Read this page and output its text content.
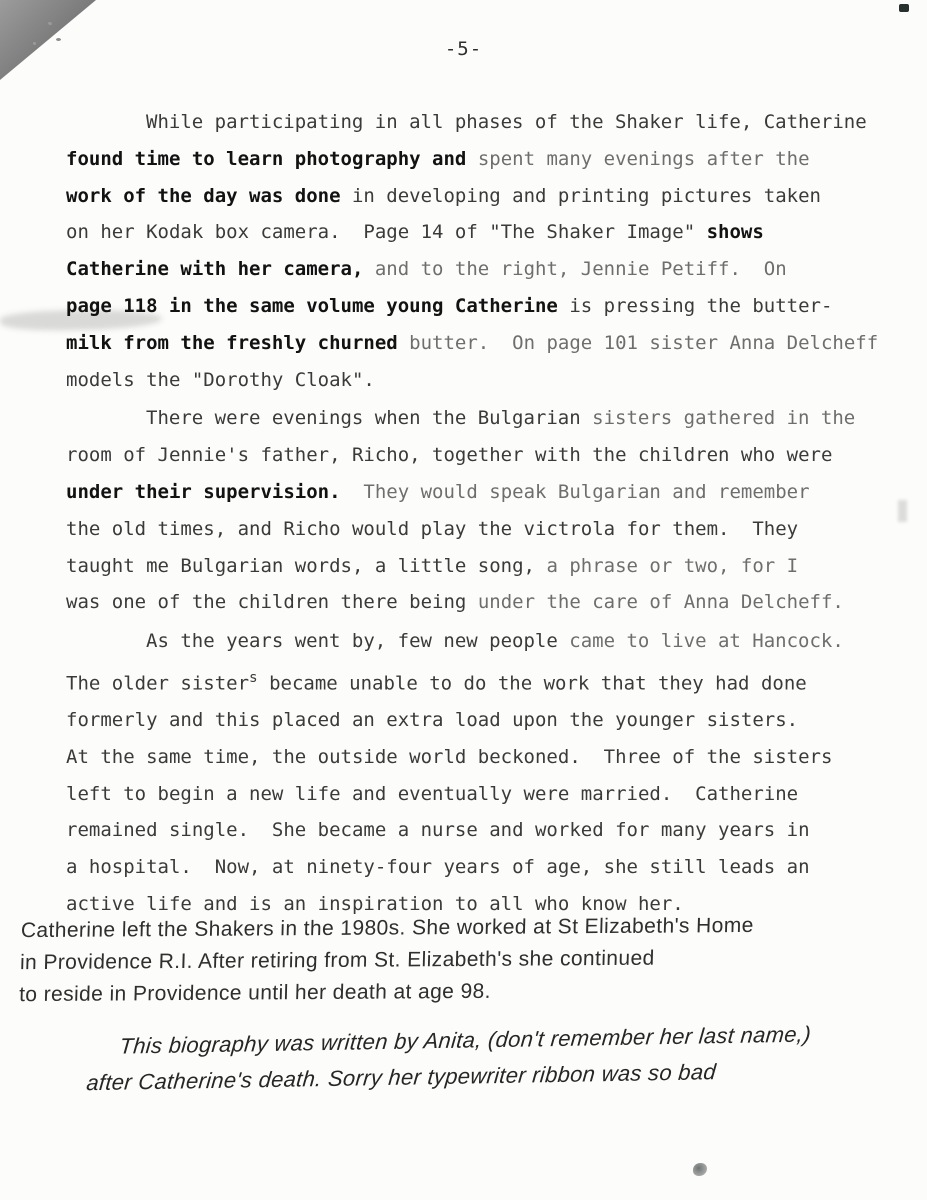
-5-
While participating in all phases of the Shaker life, Catherine
found time to learn photography and spent many evenings after the
work of the day was done in developing and printing pictures taken
on her Kodak box camera.  Page 14 of "The Shaker Image" shows
Catherine with her camera, and to the right, Jennie Petiff.  On
page 118 in the same volume young Catherine is pressing the butter-
milk from the freshly churned butter.  On page 101 sister Anna Delcheff
models the "Dorothy Cloak".
There were evenings when the Bulgarian sisters gathered in the
room of Jennie's father, Richo, together with the children who were
under their supervision.  They would speak Bulgarian and remember
the old times, and Richo would play the victrola for them.  They
taught me Bulgarian words, a little song, a phrase or two, for I
was one of the children there being under the care of Anna Delcheff.
As the years went by, few new people came to live at Hancock.
The older sister$^s$ became unable to do the work that they had done
formerly and this placed an extra load upon the younger sisters.
At the same time, the outside world beckoned.  Three of the sisters
left to begin a new life and eventually were married.  Catherine
remained single.  She became a nurse and worked for many years in
a hospital.  Now, at ninety-four years of age, she still leads an
active life and is an inspiration to all who know her.
Catherine left the Shakers in the 1980s. She worked at St Elizabeth's Home
in Providence R.I. After retiring from St. Elizabeth's she continued
to reside in Providence until her death at age 98.
This biography was written by Anita, (don't remember her last name,)
after Catherine's death. Sorry her typewriter ribbon was so bad
